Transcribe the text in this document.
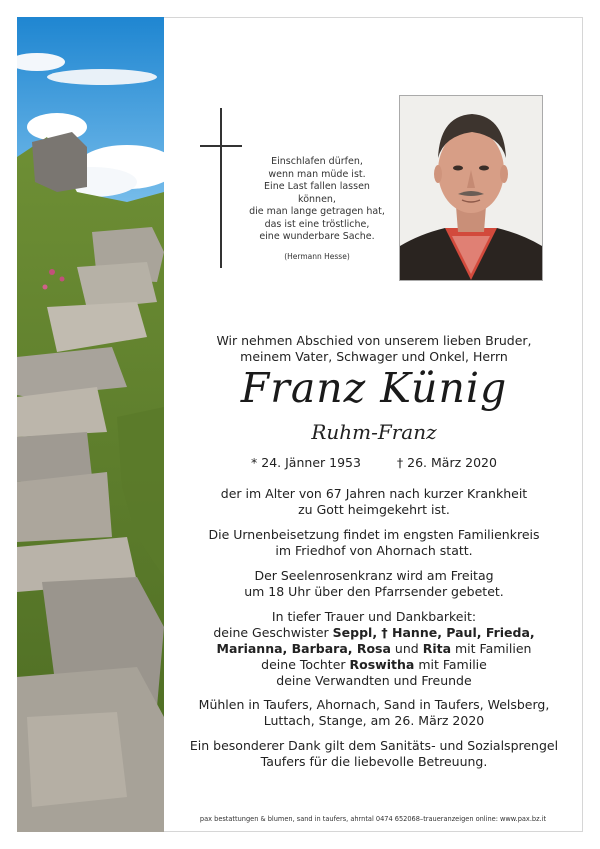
Einschlafen dürfen,
wenn man müde ist.
Eine Last fallen lassen können,
die man lange getragen hat,
das ist eine tröstliche,
eine wunderbare Sache.
(Hermann Hesse)
Wir nehmen Abschied von unserem lieben Bruder,
meinem Vater, Schwager und Onkel, Herrn
Franz Künig
Ruhm-Franz
* 24. Jänner 1953	† 26. März 2020
der im Alter von 67 Jahren nach kurzer Krankheit
zu Gott heimgekehrt ist.
Die Urnenbeisetzung findet im engsten Familienkreis
im Friedhof von Ahornach statt.
Der Seelenrosenkranz wird am Freitag
um 18 Uhr über den Pfarrsender gebetet.
In tiefer Trauer und Dankbarkeit:
deine Geschwister Seppl, † Hanne, Paul, Frieda,
Marianna, Barbara, Rosa und Rita mit Familien
deine Tochter Roswitha mit Familie
deine Verwandten und Freunde
Mühlen in Taufers, Ahornach, Sand in Taufers, Welsberg,
Luttach, Stange, am 26. März 2020
Ein besonderer Dank gilt dem Sanitäts- und Sozialsprengel
Taufers für die liebevolle Betreuung.
pax bestattungen & blumen, sand in taufers, ahrntal 0474 652068–traueranzeigen online: www.pax.bz.it
